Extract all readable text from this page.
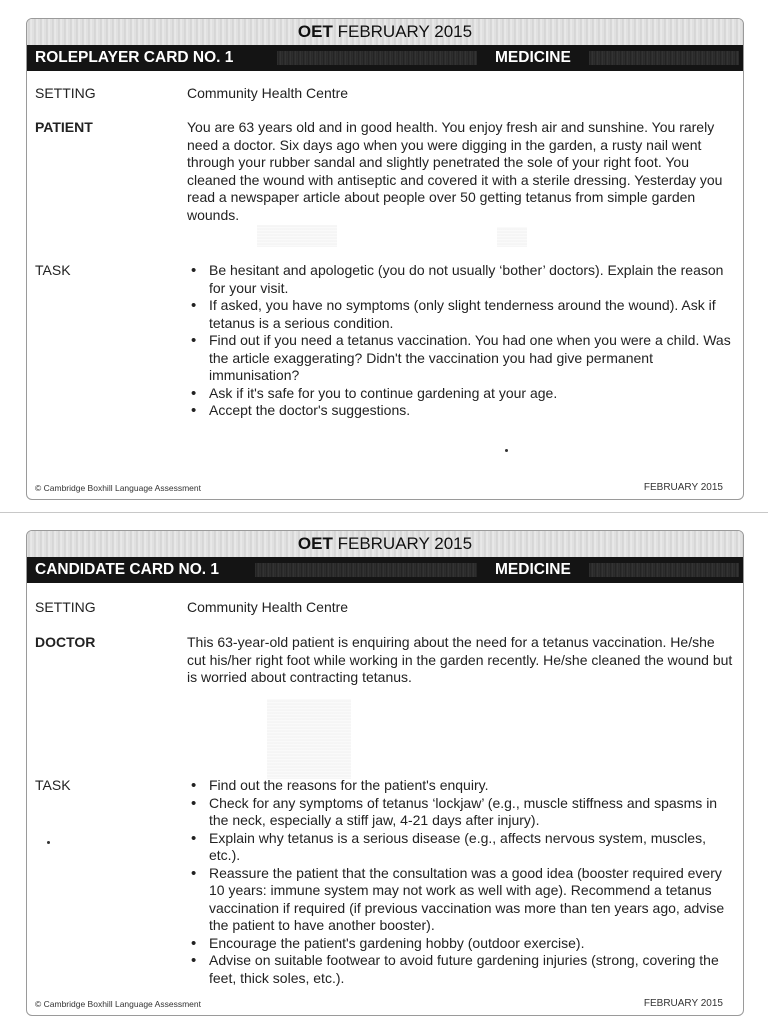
OET FEBRUARY 2015
ROLEPLAYER CARD NO. 1	MEDICINE
SETTING	Community Health Centre
PATIENT	You are 63 years old and in good health. You enjoy fresh air and sunshine. You rarely need a doctor. Six days ago when you were digging in the garden, a rusty nail went through your rubber sandal and slightly penetrated the sole of your right foot. You cleaned the wound with antiseptic and covered it with a sterile dressing. Yesterday you read a newspaper article about people over 50 getting tetanus from simple garden wounds.
TASK	• Be hesitant and apologetic (you do not usually ‘bother’ doctors). Explain the reason for your visit.
• If asked, you have no symptoms (only slight tenderness around the wound). Ask if tetanus is a serious condition.
• Find out if you need a tetanus vaccination. You had one when you were a child. Was the article exaggerating? Didn't the vaccination you had give permanent immunisation?
• Ask if it's safe for you to continue gardening at your age.
• Accept the doctor's suggestions.
© Cambridge Boxhill Language Assessment	FEBRUARY 2015
OET FEBRUARY 2015
CANDIDATE CARD NO. 1	MEDICINE
SETTING	Community Health Centre
DOCTOR	This 63-year-old patient is enquiring about the need for a tetanus vaccination. He/she cut his/her right foot while working in the garden recently. He/she cleaned the wound but is worried about contracting tetanus.
TASK	• Find out the reasons for the patient's enquiry.
• Check for any symptoms of tetanus ‘lockjaw’ (e.g., muscle stiffness and spasms in the neck, especially a stiff jaw, 4-21 days after injury).
• Explain why tetanus is a serious disease (e.g., affects nervous system, muscles, etc.).
• Reassure the patient that the consultation was a good idea (booster required every 10 years: immune system may not work as well with age). Recommend a tetanus vaccination if required (if previous vaccination was more than ten years ago, advise the patient to have another booster).
• Encourage the patient's gardening hobby (outdoor exercise).
• Advise on suitable footwear to avoid future gardening injuries (strong, covering the feet, thick soles, etc.).
© Cambridge Boxhill Language Assessment	FEBRUARY 2015
